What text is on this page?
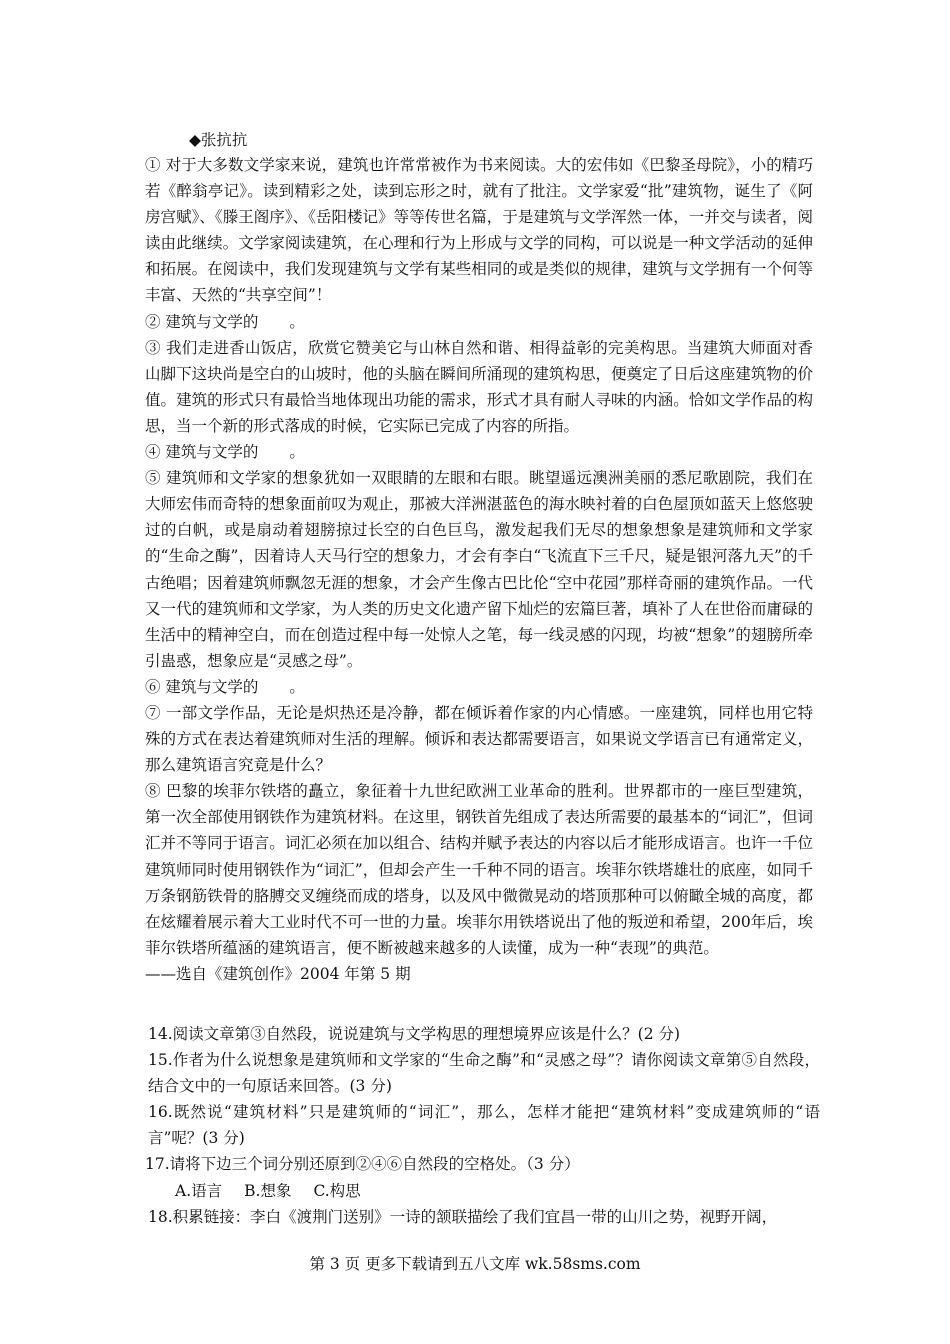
◆张抗抗

① 对于大多数文学家来说，建筑也许常常被作为书来阅读。大的宏伟如《巴黎圣母院》，小的精巧若《醉翁亭记》。读到精彩之处，读到忘形之时，就有了批注。文学家爱“批”建筑物，诞生了《阿房宫赋》、《滕王阁序》、《岳阳楼记》等等传世名篇，于是建筑与文学浑然一体，一并交与读者，阅读由此继续。文学家阅读建筑，在心理和行为上形成与文学的同构，可以说是一种文学活动的延伸和拓展。在阅读中，我们发现建筑与文学有某些相同的或是类似的规律，建筑与文学拥有一个何等丰富、天然的“共享空间”！

② 建筑与文学的　　。

③ 我们走进香山饭店，欣赏它赞美它与山林自然和谐、相得益彰的完美构思。当建筑大师面对香山脚下这块尚是空白的山坡时，他的头脑在瞬间所涌现的建筑构思，便奠定了日后这座建筑物的价值。建筑的形式只有最恰当地体现出功能的需求，形式才具有耐人寻味的内涵。恰如文学作品的构思，当一个新的形式落成的时候，它实际已完成了内容的所指。

④ 建筑与文学的　　。

⑤ 建筑师和文学家的想象犹如一双眼睛的左眼和右眼。眺望遥远澳洲美丽的悉尼歌剧院，我们在大师宏伟而奇特的想象面前叹为观止，那被大洋洲湛蓝色的海水映衬着的白色屋顶如蓝天上悠悠驶过的白帆，或是扇动着翅膀掠过长空的白色巨鸟，激发起我们无尽的想象想象是建筑师和文学家的“生命之酶”，因着诗人天马行空的想象力，才会有李白“飞流直下三千尺，疑是银河落九天”的千古绝唱；因着建筑师飘忽无涯的想象，才会产生像古巴比伦“空中花园”那样奇丽的建筑作品。一代又一代的建筑师和文学家，为人类的历史文化遗产留下灿烂的宏篇巨著，填补了人在世俗而庸碌的生活中的精神空白，而在创造过程中每一处惊人之笔，每一线灵感的闪现，均被“想象”的翅膀所牵引蛊惑，想象应是“灵感之母”。

⑥ 建筑与文学的　　。

⑦ 一部文学作品，无论是炽热还是冷静，都在倾诉着作家的内心情感。一座建筑，同样也用它特殊的方式在表达着建筑师对生活的理解。倾诉和表达都需要语言，如果说文学语言已有通常定义，那么建筑语言究竟是什么？

⑧ 巴黎的埃菲尔铁塔的矗立，象征着十九世纪欧洲工业革命的胜利。世界都市的一座巨型建筑，第一次全部使用钢铁作为建筑材料。在这里，钢铁首先组成了表达所需要的最基本的“词汇”，但词汇并不等同于语言。词汇必须在加以组合、结构并赋予表达的内容以后才能形成语言。也许一千位建筑师同时使用钢铁作为“词汇”，但却会产生一千种不同的语言。埃菲尔铁塔雄壮的底座，如同千万条钢筋铁骨的胳膊交叉缠绕而成的塔身，以及风中微微晃动的塔顶那种可以俯瞰全城的高度，都在炫耀着展示着大工业时代不可一世的力量。埃菲尔用铁塔说出了他的叛逆和希望，200年后，埃菲尔铁塔所蕴涵的建筑语言，便不断被越来越多的人读懂，成为一种“表现”的典范。

——选自《建筑创作》2004 年第 5 期

14.阅读文章第③自然段，说说建筑与文学构思的理想境界应该是什么？(2 分)

15.作者为什么说想象是建筑师和文学家的“生命之酶”和“灵感之母”？请你阅读文章第⑤自然段，结合文中的一句原话来回答。(3 分)

16.既然说“建筑材料”只是建筑师的“词汇”，那么，怎样才能把“建筑材料”变成建筑师的“语言”呢？(3 分)

17.请将下边三个词分别还原到②④⑥自然段的空格处。（3 分）

A.语言 B.想象 C.构思

18.积累链接：李白《渡荆门送别》一诗的颔联描绘了我们宜昌一带的山川之势，视野开阔，

第 3 页 更多下载请到五八文库 wk.58sms.com
